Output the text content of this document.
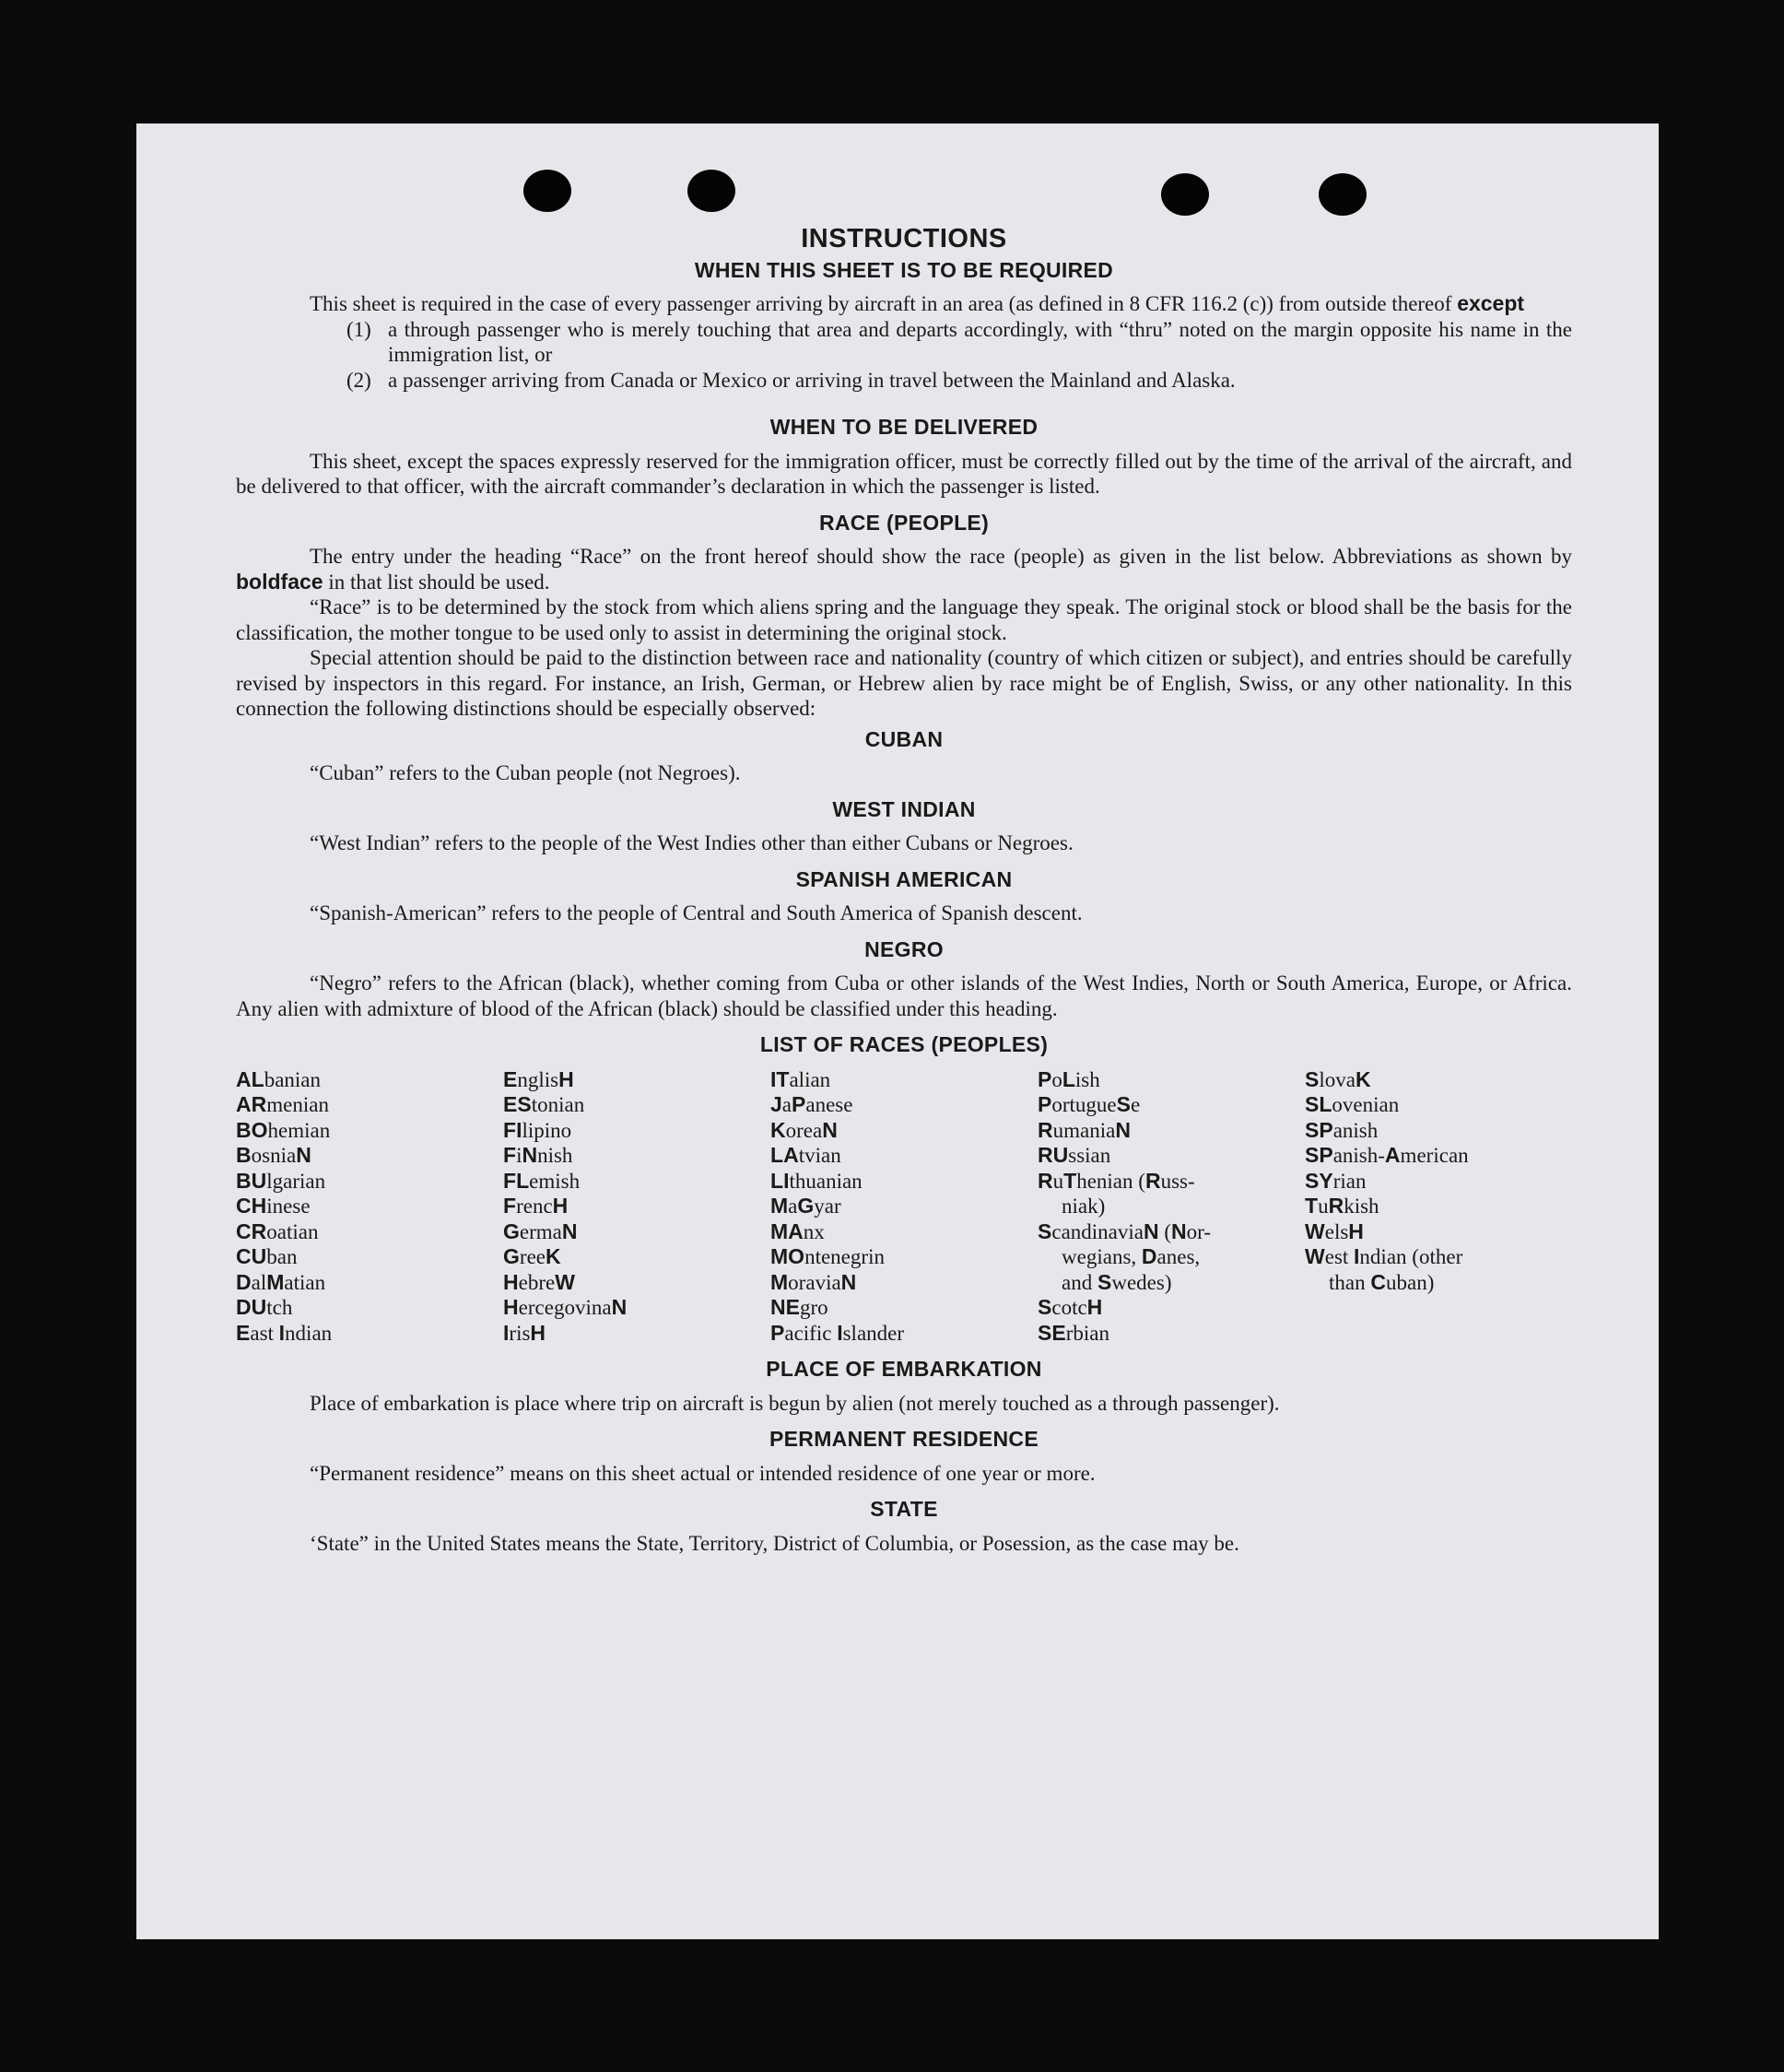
INSTRUCTIONS
WHEN THIS SHEET IS TO BE REQUIRED

This sheet is required in the case of every passenger arriving by aircraft in an area (as defined in 8 CFR 116.2 (c)) from outside thereof except

(1) a through passenger who is merely touching that area and departs accordingly, with “thru” noted on the margin opposite his name in the immigration list, or
(2) a passenger arriving from Canada or Mexico or arriving in travel between the Mainland and Alaska.
WHEN TO BE DELIVERED

This sheet, except the spaces expressly reserved for the immigration officer, must be correctly filled out by the time of the arrival of the aircraft, and be delivered to that officer, with the aircraft commander’s declaration in which the passenger is listed.

RACE (PEOPLE)

The entry under the heading “Race” on the front hereof should show the race (people) as given in the list below. Abbreviations as shown by boldface in that list should be used.

“Race” is to be determined by the stock from which aliens spring and the language they speak. The original stock or blood shall be the basis for the classification, the mother tongue to be used only to assist in determining the original stock.

Special attention should be paid to the distinction between race and nationality (country of which citizen or subject), and entries should be carefully revised by inspectors in this regard. For instance, an Irish, German, or Hebrew alien by race might be of English, Swiss, or any other nationality. In this connection the following distinctions should be especially observed:

CUBAN

“Cuban” refers to the Cuban people (not Negroes).

WEST INDIAN

“West Indian” refers to the people of the West Indies other than either Cubans or Negroes.

SPANISH AMERICAN

“Spanish-American” refers to the people of Central and South America of Spanish descent.

NEGRO

“Negro” refers to the African (black), whether coming from Cuba or other islands of the West Indies, North or South America, Europe, or Africa. Any alien with admixture of blood of the African (black) should be classified under this heading.

LIST OF RACES (PEOPLES)
ALbanian
ARmenian
BOhemian
BosniaN
BUlgarian
CHinese
CRoatian
CUban
DalMatian
DUtch
East Indian
EnglisH
EStonian
FIlipino
FiNnish
FLemish
FrencH
GermaN
GreeK
HebreW
HercegovinaN
IrisH
ITalian
JaPanese
KoreaN
LAtvian
LIthuanian
MaGyar
MAnx
MOntenegrin
MoraviaN
NEgro
Pacific Islander
PoLish
PortugueSe
RumaniaN
RUssian
RuThenian (Russ-
niak)
ScandinaviaN (Nor-
wegians, Danes,
and Swedes)
ScotcH
SErbian
SlovaK
SLovenian
SPanish
SPanish-American
SYrian
TuRkish
WelsH
West Indian (other
than Cuban)
PLACE OF EMBARKATION

Place of embarkation is place where trip on aircraft is begun by alien (not merely touched as a through passenger).

PERMANENT RESIDENCE

“Permanent residence” means on this sheet actual or intended residence of one year or more.

STATE

‘State” in the United States means the State, Territory, District of Columbia, or Posession, as the case may be.
